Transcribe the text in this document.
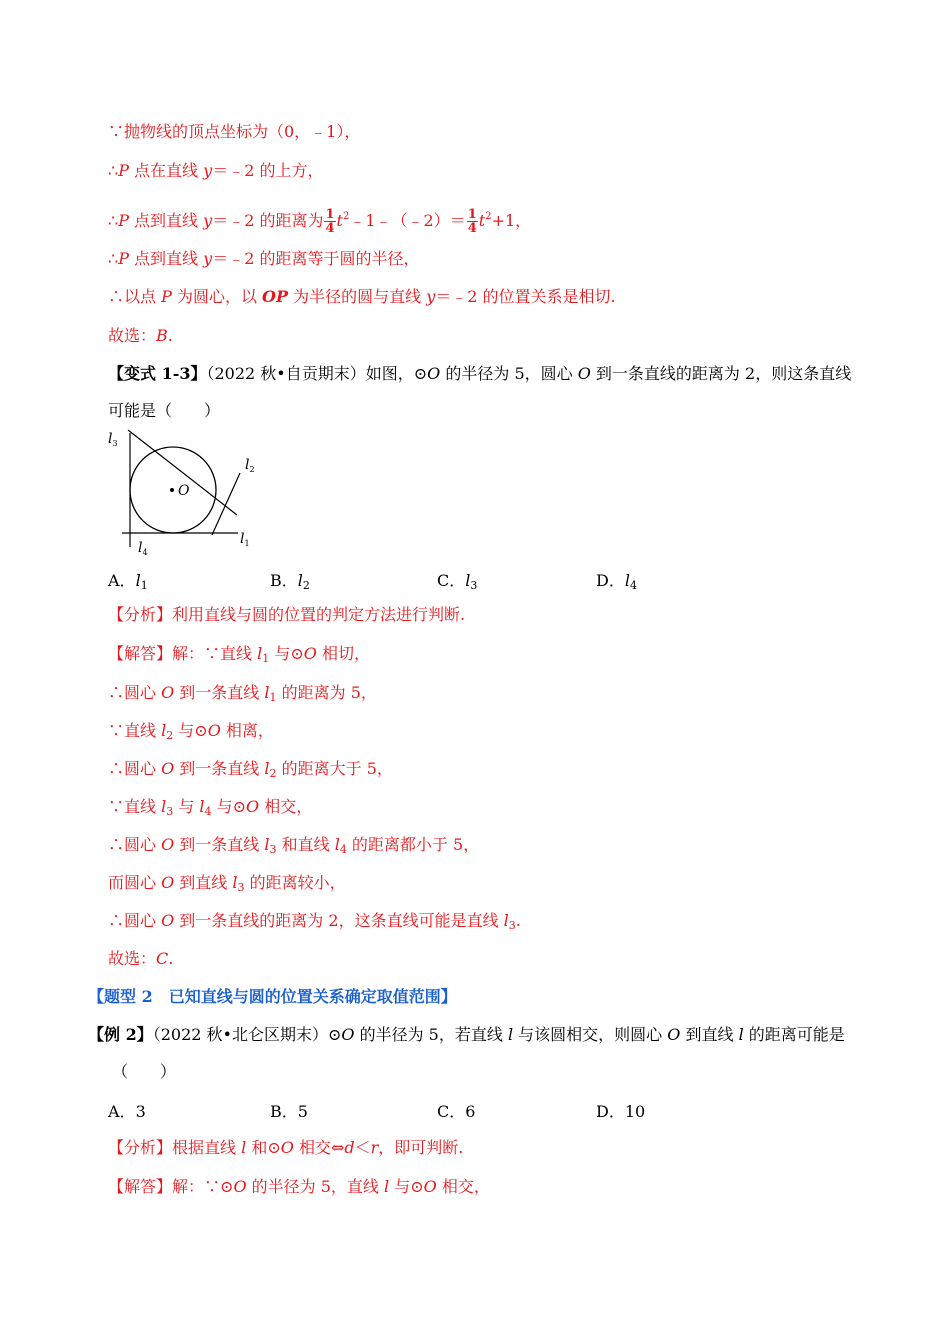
∵抛物线的顶点坐标为（0，﹣1），
∴P 点在直线 y＝﹣2 的上方，
∴P 点到直线 y＝﹣2 的距离为 $\frac{1}{4}$ $t^2﹣1﹣(﹣2)= \frac{1}{4} t^2+1$，
∴P 点到直线 y＝﹣2 的距离等于圆的半径，
∴以点 P 为圆心，以 OP 为半径的圆与直线 y＝﹣2 的位置关系是相切.
故选：B.
【变式 1-3】（2022 秋•自贡期末）如图，⊙O 的半径为 5，圆心 O 到一条直线的距离为 2，则这条直线
可能是（　　）
O
$l_3$
$l_2$
$l_1$
$l_4$
A．$l_1$	B．$l_2$	C．$l_3$	D．$l_4$
【分析】利用直线与圆的位置的判定方法进行判断.
【解答】解：∵直线 $l_1$ 与⊙O 相切，
∴圆心 O 到一条直线 $l_1$ 的距离为 5，
∵直线 $l_2$ 与⊙O 相离，
∴圆心 O 到一条直线 $l_2$ 的距离大于 5，
∵直线 $l_3$ 与 $l_4$ 与⊙O 相交，
∴圆心 O 到一条直线 $l_3$ 和直线 $l_4$ 的距离都小于 5，
而圆心 O 到直线 $l_3$ 的距离较小，
∴圆心 O 到一条直线的距离为 2，这条直线可能是直线 $l_3$.
故选：C.
【题型 2　已知直线与圆的位置关系确定取值范围】
【例 2】（2022 秋•北仑区期末）⊙O 的半径为 5，若直线 l 与该圆相交，则圆心 O 到直线 l 的距离可能是
（　　）
A．3	B．5	C．6	D．10
【分析】根据直线 l 和⊙O 相交⇔d＜r，即可判断.
【解答】解：∵⊙O 的半径为 5，直线 l 与⊙O 相交，
